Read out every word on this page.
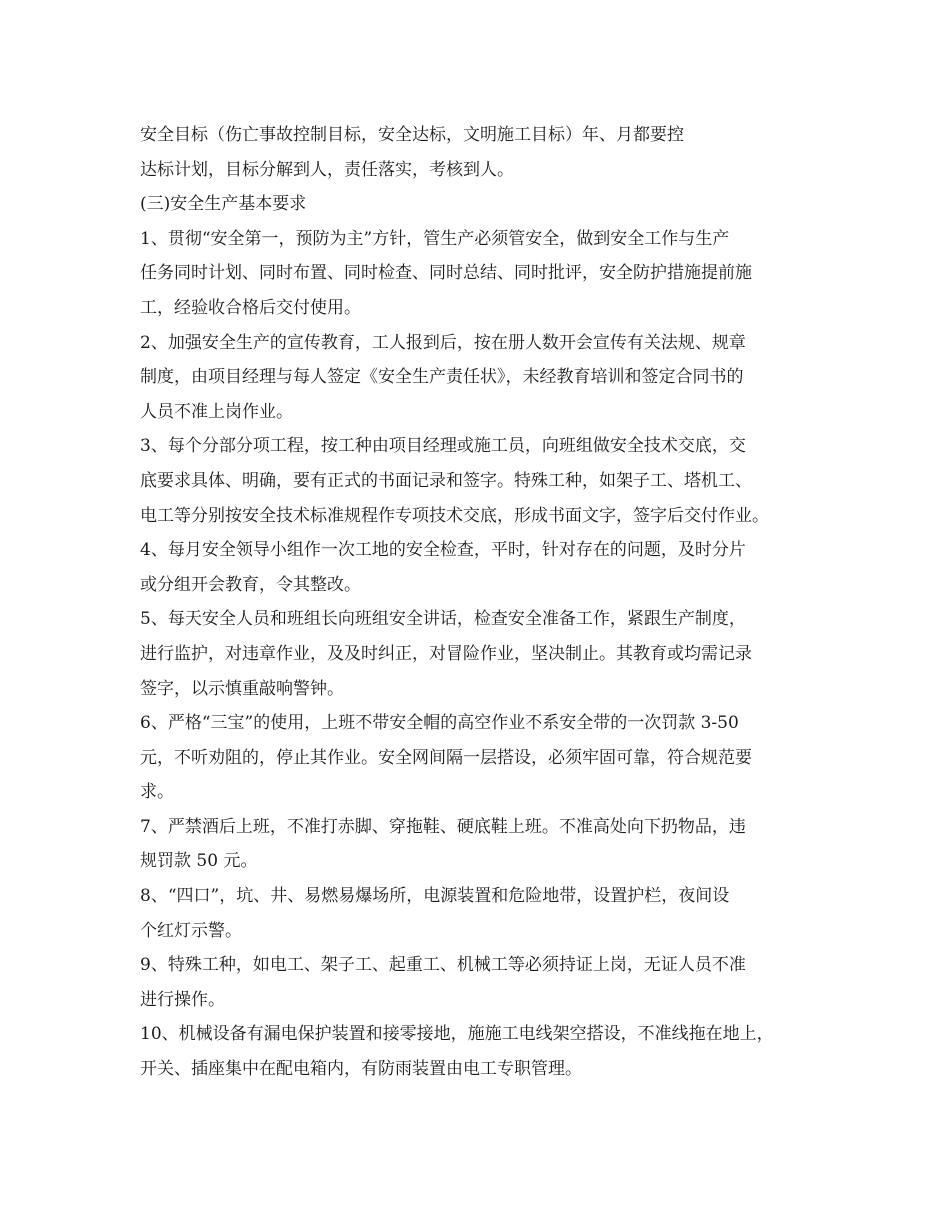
安全目标（伤亡事故控制目标，安全达标，文明施工目标）年、月都要控
达标计划，目标分解到人，责任落实，考核到人。
(三)安全生产基本要求
1、贯彻“安全第一，预防为主”方针，管生产必须管安全，做到安全工作与生产
任务同时计划、同时布置、同时检查、同时总结、同时批评，安全防护措施提前施
工，经验收合格后交付使用。
2、加强安全生产的宣传教育，工人报到后，按在册人数开会宣传有关法规、规章
制度，由项目经理与每人签定《安全生产责任状》，未经教育培训和签定合同书的
人员不准上岗作业。
3、每个分部分项工程，按工种由项目经理或施工员，向班组做安全技术交底，交
底要求具体、明确，要有正式的书面记录和签字。特殊工种，如架子工、塔机工、
电工等分别按安全技术标准规程作专项技术交底，形成书面文字，签字后交付作业。
4、每月安全领导小组作一次工地的安全检查，平时，针对存在的问题，及时分片
或分组开会教育，令其整改。
5、每天安全人员和班组长向班组安全讲话，检查安全准备工作，紧跟生产制度，
进行监护，对违章作业，及及时纠正，对冒险作业，坚决制止。其教育或均需记录
签字，以示慎重敲响警钟。
6、严格“三宝”的使用，上班不带安全帽的高空作业不系安全带的一次罚款 3-50
元，不听劝阻的，停止其作业。安全网间隔一层搭设，必须牢固可靠，符合规范要
求。
7、严禁酒后上班，不准打赤脚、穿拖鞋、硬底鞋上班。不准高处向下扔物品，违
规罚款 50 元。
8、“四口”，坑、井、易燃易爆场所，电源装置和危险地带，设置护栏，夜间设
个红灯示警。
9、特殊工种，如电工、架子工、起重工、机械工等必须持证上岗，无证人员不准
进行操作。
10、机械设备有漏电保护装置和接零接地，施施工电线架空搭设，不准线拖在地上，
开关、插座集中在配电箱内，有防雨装置由电工专职管理。
